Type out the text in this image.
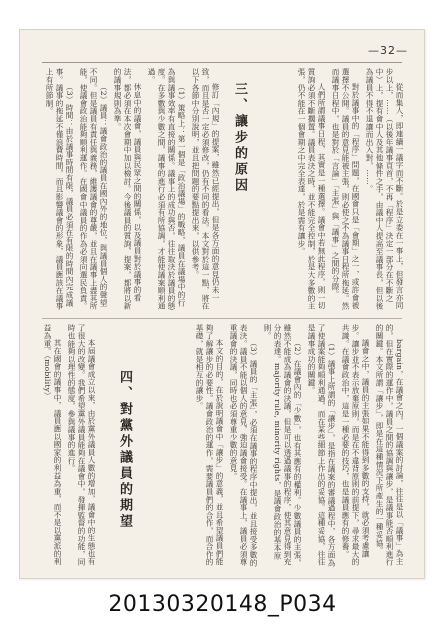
—32—

從而集人，即連續一議字而不斷。於是立委在一事上，但發言亦同步以上，……（以後年議事頁首，不再「程序」決定一部分在不斷之中）上，提有會中人及其他條件之手，由議中人提高至議事長，但以後為議員不得不退讓而出入對，……。

對於議事中的「程序」問題，在國會只是「會期」之一，或許會被選擇不公開。議員的意見能被主張，則必使之不為議事日程所拖延。然而議事日程中，也是對於「言論」「主張」與「議事」之間的分際。

人們所謂議事日程，其實是一種選擇。議會中若無此程序，則一切質詢必須不斷擱置。議員表決之時，並不能完全控制，於是大多數的主張，仍不能在一個會期之中完全表達，於是需有讓步。

三、讓步的原因

修訂「內規」的提案，雖然已經提出，但是各方面的意見仍未一致，而且是否一定必須修改，仍有不同的看法。本文對於這一點，將在以下各節中分別說明，並且把問題的要點提出來，以供參考。

（1）策略上：第一個是「政治議場」的戰略，議員在議場中的行為與議事效率有直接的關係。議事上的成功與否，往往取決於議員的態度。在多數與少數之間，議事的進行必須有所協調，才能使議案順利通過。

休息中的議會，議員與民眾之間的關係，以及議員對於議事的看法，都必須在本次會期中加以檢討。今後議員的質詢、提案，都將以新的議事規則為準。

（2）議員：議會政治的議員在國內外的地位，與議員個人的聲望不同。但是議員有責任與義務，維護議會的尊嚴，並且在議事上盡其所能，使議會政治能夠順利運作。在國會中議員的作為必須向選民負責。

（3）時間：由於議事時間有限，議員必須在有限的時間內完成議事。議事的拖延不僅浪費時間，而且影響議會的形象，議員應該在議事上有所節制。

bargain，在議會之內，一個議案的討論，往往是以「議事」為主的，但在實際的運作中，議員之間的協調與讓步，是議事能否順利進行的關鍵。本文所謂「讓步」，即是在這種情況下所產生的一種妥協。

議會之中，議員的主張如果不能得到多數的支持，就必須考慮讓步。讓步並不表示放棄原則，而是在不違背原則的前提下，尋求最大的共識。在議會政治中，這是一種必要的技巧，也是議員應有的修養。

（1）議事上所謂的「讓步」，是指在議案的審議過程中，各方面為了使議案能夠順利通過，而在某些細節上作出的妥協。這種妥協，往往是議事成功的關鍵。

（2）在議會內的「少數」，也有其應有的權利。少數議員的主張，雖然不能成為議會的決議，但是可以透過議事的程序，使其意見得到充分的表達。majority rule, minority rights，是議會政治的基本原則。

（3）議員的「主張」，必須在議事的程序中提出，並且接受多數的表決。議員不能以個人的意見，強迫議會接受。在議事上，議員必須尊重議會的決議，同時也必須尊重少數的意見。

本文的目的，在於說明議會中「讓步」的意義，並且希望議員們能夠了解讓步的必要性。議會政治的運作，需要議員們的合作，而合作的基礎，就是相互的讓步。

四、對黨外議員的期望

本屆議會成立以來，由於黨外議員人數的增加，議會中的生態也有了很大的改變。我們希望黨外議員能夠在議會中，發揮監督的功能，同時也能夠以理性的態度，參與議事的進行。

其在國會的議事中，議員應以國家的利益為重，而不是以黨派的利益為重。（mobility）

20130320148_P034
